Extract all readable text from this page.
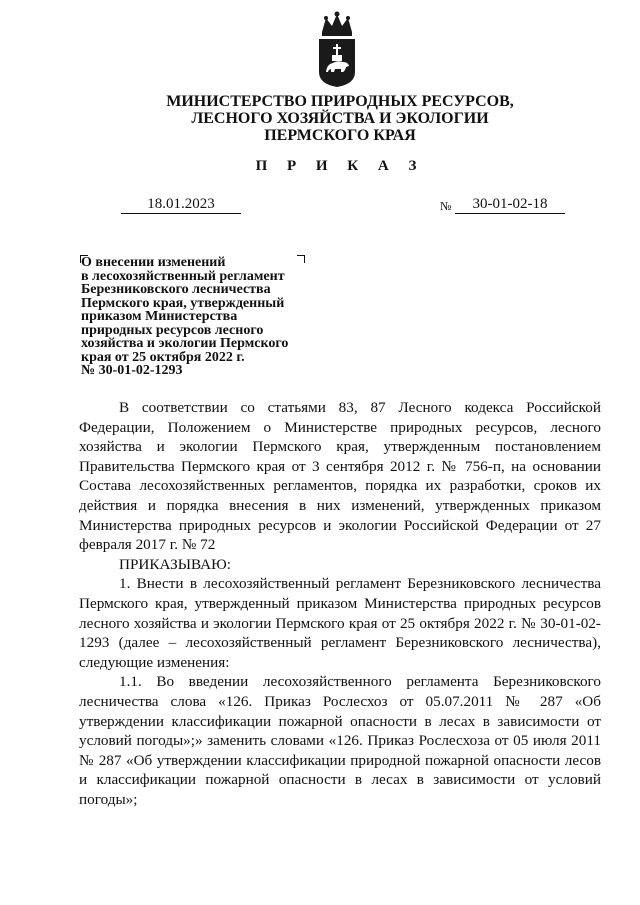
МИНИСТЕРСТВО ПРИРОДНЫХ РЕСУРСОВ,
ЛЕСНОГО ХОЗЯЙСТВА И ЭКОЛОГИИ
ПЕРМСКОГО КРАЯ
П Р И К А З
18.01.2023	№	30-01-02-18
О внесении изменений
в лесохозяйственный регламент
Березниковского лесничества
Пермского края, утвержденный
приказом Министерства
природных ресурсов лесного
хозяйства и экологии Пермского
края от 25 октября 2022 г.
№ 30-01-02-1293

В соответствии со статьями 83, 87 Лесного кодекса Российской Федерации, Положением о Министерстве природных ресурсов, лесного хозяйства и экологии Пермского края, утвержденным постановлением Правительства Пермского края от 3 сентября 2012 г. № 756-п, на основании Состава лесохозяйственных регламентов, порядка их разработки, сроков их действия и порядка внесения в них изменений, утвержденных приказом Министерства природных ресурсов и экологии Российской Федерации от 27 февраля 2017 г. № 72

ПРИКАЗЫВАЮ:

1. Внести в лесохозяйственный регламент Березниковского лесничества Пермского края, утвержденный приказом Министерства природных ресурсов лесного хозяйства и экологии Пермского края от 25 октября 2022 г. № 30-01-02-1293 (далее – лесохозяйственный регламент Березниковского лесничества), следующие изменения:

1.1. Во введении лесохозяйственного регламента Березниковского лесничества слова «126. Приказ Рослесхоз от 05.07.2011 № 287 «Об утверждении классификации пожарной опасности в лесах в зависимости от условий погоды»;» заменить словами «126. Приказ Рослесхоза от 05 июля 2011 № 287 «Об утверждении классификации природной пожарной опасности лесов и классификации пожарной опасности в лесах в зависимости от условий погоды»;
